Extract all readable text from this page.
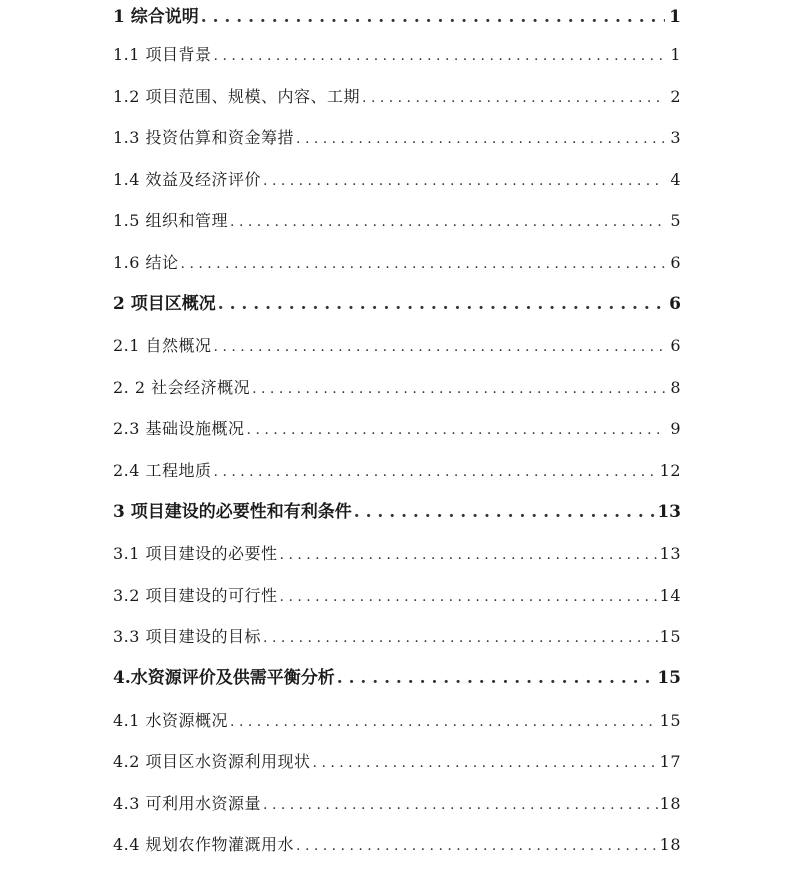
1 综合说明 . . .	1
1.1 项目背景 . . .	1
1.2 项目范围、规模、内容、工期 . . .	2
1.3 投资估算和资金筹措 . . .	3
1.4 效益及经济评价 . . .	4
1.5 组织和管理 . . .	5
1.6 结论 . . .	6
2 项目区概况 . . .	6
2.1 自然概况 . . .	6
2. 2 社会经济概况 . . .	8
2.3 基础设施概况 . . .	9
2.4 工程地质 . . .	12
3 项目建设的必要性和有利条件 . . .	13
3.1 项目建设的必要性 . . .	13
3.2 项目建设的可行性 . . .	14
3.3 项目建设的目标 . . .	15
4.水资源评价及供需平衡分析 . . .	15
4.1 水资源概况 . . .	15
4.2 项目区水资源利用现状 . . .	17
4.3 可利用水资源量 . . .	18
4.4 规划农作物灌溉用水 . . .	18
